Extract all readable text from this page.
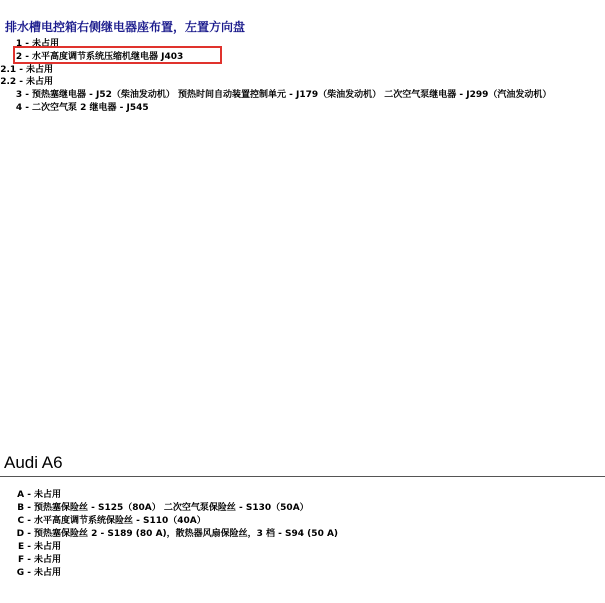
排水槽电控箱右侧继电器座布置，左置方向盘
1 - 未占用
2 - 水平高度调节系统压缩机继电器 J403
2.1 - 未占用
2.2 - 未占用
3 - 预热塞继电器 - J52（柴油发动机） 预热时间自动装置控制单元 - J179（柴油发动机） 二次空气泵继电器 - J299（汽油发动机）
4 - 二次空气泵 2 继电器 - J545
Audi A6
A - 未占用
B - 预热塞保险丝 - S125（80A） 二次空气泵保险丝 - S130（50A）
C - 水平高度调节系统保险丝 - S110（40A）
D - 预热塞保险丝 2 - S189 (80 A)，散热器风扇保险丝，3 档 - S94 (50 A)
E - 未占用
F - 未占用
G - 未占用
